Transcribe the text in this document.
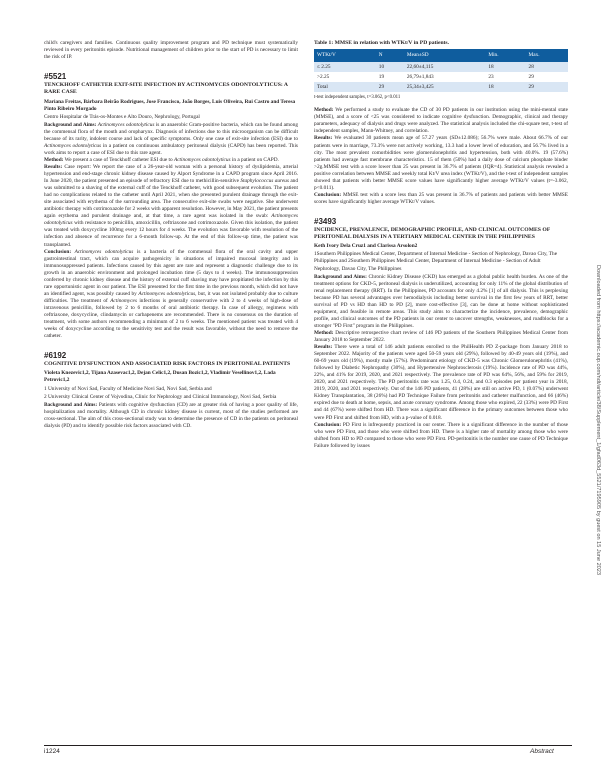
child's caregivers and families. Continuous quality improvement program and PD technique must systematically reviewed in every peritonitis episode. Nutritional management of children prior to the start of PD is necessary to limit the risk of IP.

#5521

TENCKHOFF CATHETER EXIT-SITE INFECTION BY ACTINOMYCES ODONTOLYTICUS: A RARE CASE

Mariana Freitas, Bárbara Beirão Rodrigues, Jose Francisco, João Borges, Luis Oliveira, Rui Castro and Teresa Pinto Ribeiro Morgado

Centro Hospitalar de Trás-os-Montes e Alto Douro, Nephrology, Portugal

Background and Aims: Actinomyces odontolyticus is an anaerobic Gram-positive bacteria, which can be found among the commensal flora of the mouth and oropharynx. Diagnosis of infections due to this microorganism can be difficult because of its rarity, indolent course and lack of specific symptoms. Only one case of exit-site infection (ESI) due to Actinomyces odontolyticus in a patient on continuous ambulatory peritoneal dialysis (CAPD) has been reported. This work aims to report a case of ESI due to this rare agent.

Method: We present a case of Tenckhoff catheter ESI due to Actinomyces odontolyticus in a patient on CAPD.

Results: Case report: We report the case of a 26-year-old woman with a personal history of dyslipidemia, arterial hypertension and end-stage chronic kidney disease caused by Alport Syndrome in a CAPD program since April 2016. In June 2020, the patient presented an episode of refractory ESI due to methicillin-sensitive Staphylococcus aureus and was submitted to a shaving of the external cuff of the Tenckhoff catheter, with good subsequent evolution. The patient had no complications related to the catheter until April 2021, when she presented purulent drainage through the exit-site associated with erythema of the surrounding area. The consecutive exit-site swabs were negative. She underwent antibiotic therapy with cotrimoxazole for 2 weeks with apparent resolution. However, in May 2021, the patient presents again erythema and purulent drainage and, at that time, a rare agent was isolated in the swab: Actinomyces odontolyticus with resistance to penicillin, amoxicillin, ceftriaxone and cotrimoxazole. Given this isolation, the patient was treated with doxycycline 100mg every 12 hours for 4 weeks. The evolution was favorable with resolution of the infection and absence of recurrence for a 6-month follow-up. At the end of this follow-up time, the patient was transplanted.

Conclusion: Actinomyces odontolyticus is a bacteria of the commensal flora of the oral cavity and upper gastrointestinal tract, which can acquire pathogenicity in situations of impaired mucosal integrity and in immunosuppressed patients. Infections caused by this agent are rare and represent a diagnostic challenge due to its growth in an anaerobic environment and prolonged incubation time (5 days to 4 weeks). The immunosuppression conferred by chronic kidney disease and the history of external cuff shaving may have propitiated the infection by this rare opportunistic agent in our patient. The ESI presented for the first time in the previous month, which did not have an identified agent, was possibly caused by Actinomyces odontolyticus, but, it was not isolated probably due to culture difficulties. The treatment of Actinomyces infections is generally conservative with 2 to 4 weeks of high-dose of intravenous penicillin, followed by 2 to 6 months of oral antibiotic therapy. In case of allergy, regimens with ceftriaxone, doxycycline, clindamycin or carbapenems are recommended. There is no consensus on the duration of treatment, with some authors recommending a minimum of 2 to 6 weeks. The mentioned patient was treated with 4 weeks of doxycycline according to the sensitivity test and the result was favorable, without the need to remove the catheter.

#6192

COGNITIVE DYSFUNCTION AND ASSOCIATED RISK FACTORS IN PERITONEAL PATIENTS

Violeta Knezevic1,2, Tijana Azasevac1,2, Dejan Celic1,2, Dusan Bozic1,2, Vladimir Vesellinov1,2, Lada Petrovic1,2

1 University of Novi Sad, Faculty of Medicine Novi Sad, Novi Sad, Serbia and

2 University Clinical Center of Vojvodina, Clinic for Nephrology and Clinical Immunology, Novi Sad, Serbia

Background and Aims: Patients with cognitive dysfunction (CD) are at greater risk of having a poor quality of life, hospitalization and mortality. Although CD in chronic kidney disease is current, most of the studies performed are cross-sectional. The aim of this cross-sectional study was to determine the presence of CD in the patients on peritoneal dialysis (PD) and to identify possible risk factors associated with CD.

Table 1: MMSE in relation with WTKt/V in PD patients.

WTKt/V	N	Mean±SD	Min.	Max.
≤ 2.25	10	22,60±4,115	18	28
>2.25	19	26,79±1,843	23	29
Total	29	25,34±3,425	18	29

t-test independent samples, t=3.062, p<0.011

Method: We performed a study to evaluate the CD of 30 PD patients in our institution using the mini-mental state (MMSE), and a score of <25 was considered to indicate cognitive dysfunction. Demographic, clinical and therapy parameters, adequacy of dialysis and drugs were analyzed. The statistical analysis included the chi-square test, t-test of independent samples, Mann-Whitney, and correlation.

Results: We evaluated 30 patients mean age of 57.27 years (SD±12.086); 56.7% were male. About 66.7% of our patients were in marriage, 73.3% were not actively working, 13.3 had a lower level of education, and 56.7% lived in a city. The most prevalent comorbidities were glomerulonephritis and hypertension, both with 40.0%. 19 (57.6%) patients had average fast membrane characteristics. 15 of them (50%) had a daily dose of calcium phosphate binder >2g.MMSE test with a score lower than 25 was present in 36.7% of patients (IQR=4). Statistical analysis revealed a positive correlation between MMSE and weekly total Kt/V urea index (WTKt/V), and the t-test of independent samples showed that patients with better MMSE score values have significantly higher average WTKt/V values (t=-3.062, p<0.011).

Conclusion: MMSE test with a score less than 25 was present in 36.7% of patients and patients with better MMSE scores have significantly higher average WTKt/V values.

#3493

INCIDENCE, PREVALENCE, DEMOGRAPHIC PROFILE, AND CLINICAL OUTCOMES OF PERITONEAL DIALYSIS IN A TERTIARY MEDICAL CENTER IN THE PHILIPPINES

Keth Ivory Dela Cruz1 and Clarissa Arsolon2

1Southern Philippines Medical Center, Department of Internal Medicine - Section of Nephrology, Davao City, The Philippines and 2Southern Philippines Medical Center, Department of Internal Medicine - Section of Adult Nephrology, Davao City, The Philippines

Background and Aims: Chronic Kidney Disease (CKD) has emerged as a global public health burden. As one of the treatment options for CKD-5, peritoneal dialysis is underutilized, accounting for only 11% of the global distribution of renal replacement therapy (RRT). In the Philippines, PD accounts for only 4.2% [1] of all dialysis. This is perplexing because PD has several advantages over hemodialysis including better survival in the first few years of RRT, better survival of PD vs HD than HD to PD [2], more cost-effective [3], can be done at home without sophisticated equipment, and feasible in remote areas. This study aims to characterize the incidence, prevalence, demographic profile, and clinical outcomes of the PD patients in our center to uncover strengths, weaknesses, and roadblocks for a stronger "PD First" program in the Philippines.

Method: Descriptive retrospective chart review of 146 PD patients of the Southern Philippines Medical Center from January 2018 to September 2022.

Results: There were a total of 146 adult patients enrolled to the PhilHealth PD Z-package from January 2018 to September 2022. Majority of the patients were aged 50-59 years old (29%), followed by 40-49 years old (19%), and 60-69 years old (19%), mostly male (57%). Predominant etiology of CKD-5 was Chronic Glomerulonephritis (41%), followed by Diabetic Nephropathy (30%), and Hypertensive Nephrosclerosis (19%). Incidence rate of PD was 44%, 22%, and 41% for 2019, 2020, and 2021 respectively. The prevalence rate of PD was 64%, 56%, and 59% for 2019, 2020, and 2021 respectively. The PD peritonitis rate was 1.25, 0.4, 0.24, and 0.3 episodes per patient year in 2018, 2019, 2020, and 2021 respectively. Out of the 146 PD patients, 41 (28%) are still on active PD, 1 (0.07%) underwent Kidney Transplantation, 38 (26%) had PD Technique Failure from peritonitis and catheter malfunction, and 66 (46%) expired due to death at home, sepsis, and acute coronary syndrome. Among those who expired, 22 (33%) were PD First and 44 (67%) were shifted from HD. There was a significant difference in the primary outcomes between those who were PD First and shifted from HD, with a p-value of 0.018.

Conclusion: PD First is infrequently practiced in our center. There is a significant difference in the number of those who were PD First, and those who were shifted from HD. There is a higher rate of mortality among those who were shifted from HD to PD compared to those who were PD First. PD-peritonitis is the number one cause of PD Technique Failure followed by issues	Downloaded from https://academic.oup.com/ndt/article/38/Supplement_1/gfad063d_5521/7195905 by guest on 15 June 2023
i1224	Abstract
